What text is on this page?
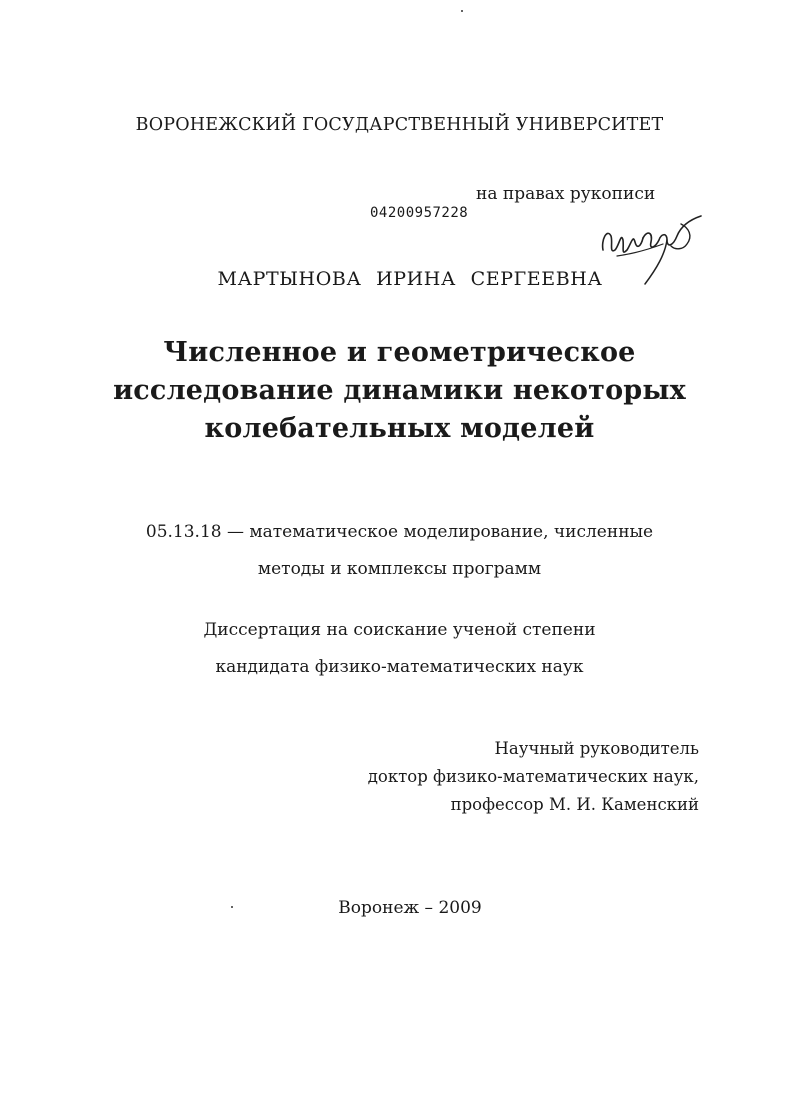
ВОРОНЕЖСКИЙ ГОСУДАРСТВЕННЫЙ УНИВЕРСИТЕТ
на правах рукописи
04200957228
МАРТЫНОВА ИРИНА СЕРГЕЕВНА
Численное и геометрическое
исследование динамики некоторых
колебательных моделей
05.13.18 — математическое моделирование, численные
методы и комплексы программ
Диссертация на соискание ученой степени
кандидата физико-математических наук
Научный руководитель
доктор физико-математических наук,
профессор М. И. Каменский
Воронеж – 2009
